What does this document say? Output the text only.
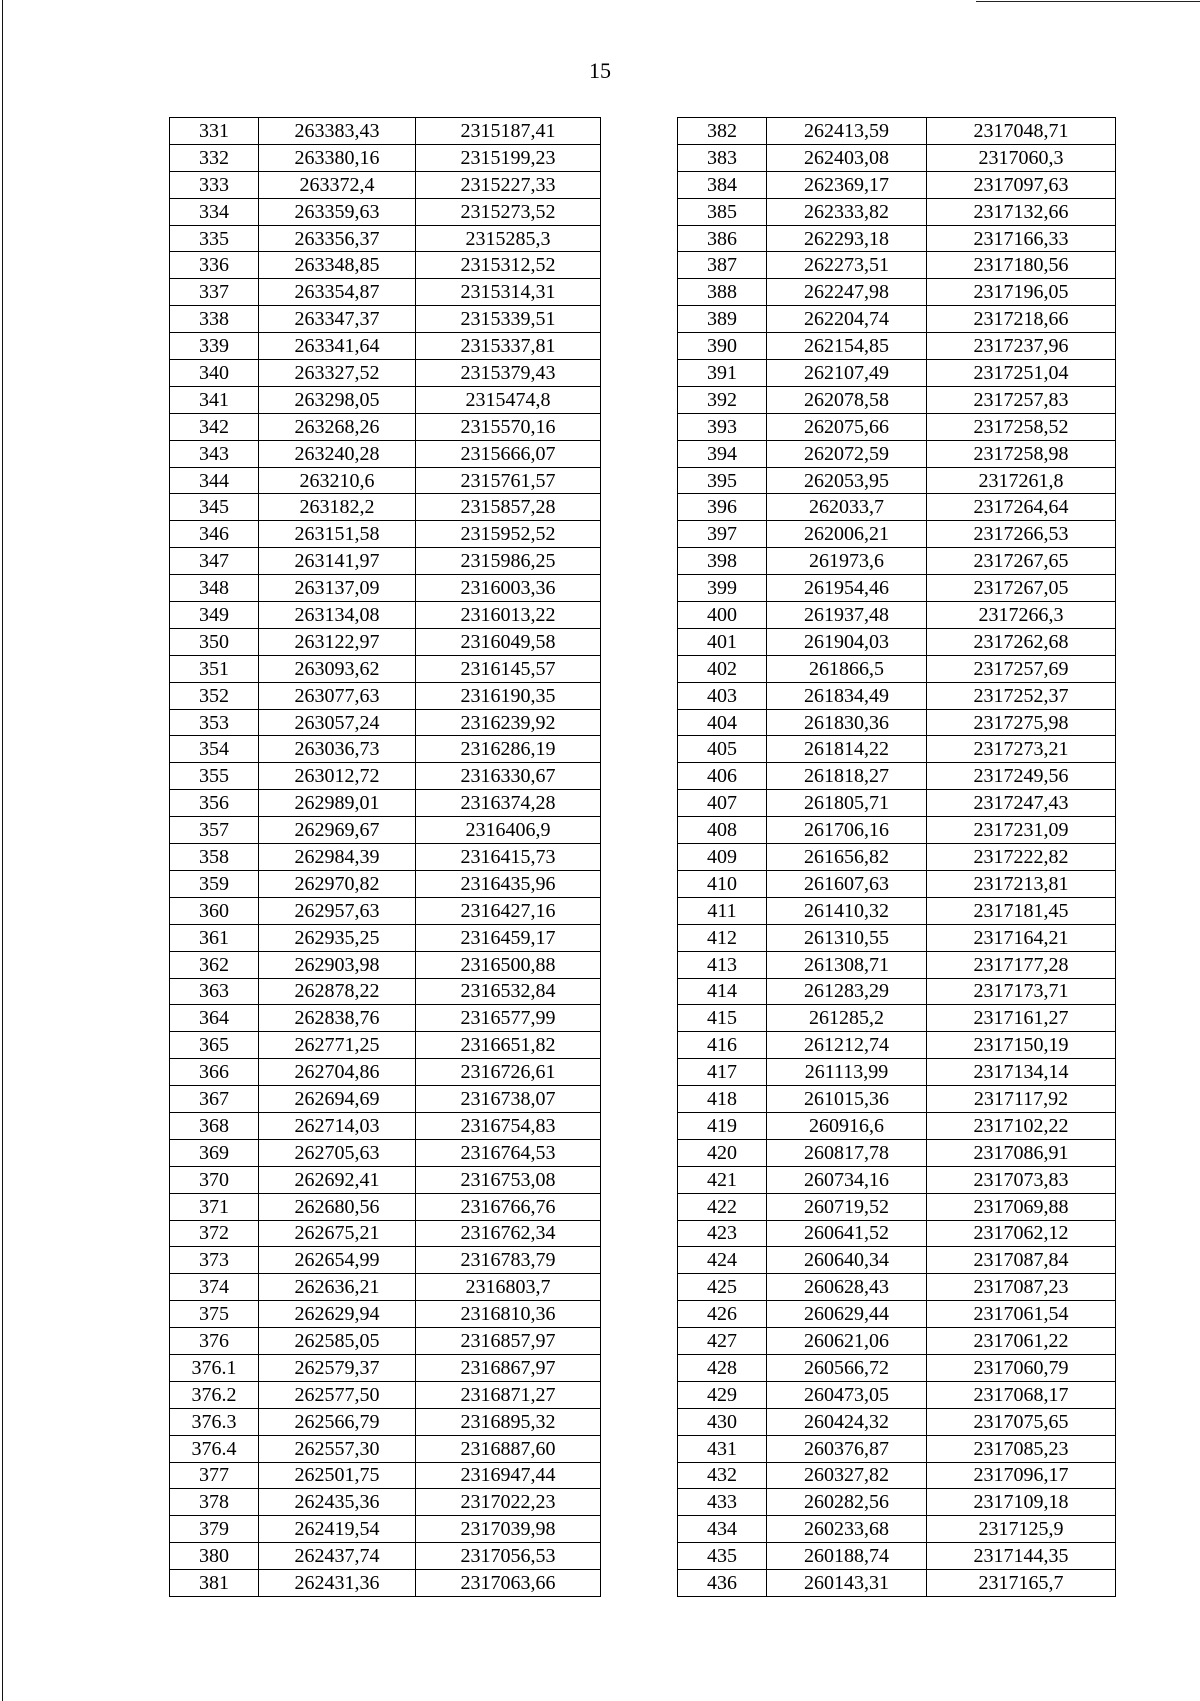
15
331	263383,43	2315187,41
332	263380,16	2315199,23
333	263372,4	2315227,33
334	263359,63	2315273,52
335	263356,37	2315285,3
336	263348,85	2315312,52
337	263354,87	2315314,31
338	263347,37	2315339,51
339	263341,64	2315337,81
340	263327,52	2315379,43
341	263298,05	2315474,8
342	263268,26	2315570,16
343	263240,28	2315666,07
344	263210,6	2315761,57
345	263182,2	2315857,28
346	263151,58	2315952,52
347	263141,97	2315986,25
348	263137,09	2316003,36
349	263134,08	2316013,22
350	263122,97	2316049,58
351	263093,62	2316145,57
352	263077,63	2316190,35
353	263057,24	2316239,92
354	263036,73	2316286,19
355	263012,72	2316330,67
356	262989,01	2316374,28
357	262969,67	2316406,9
358	262984,39	2316415,73
359	262970,82	2316435,96
360	262957,63	2316427,16
361	262935,25	2316459,17
362	262903,98	2316500,88
363	262878,22	2316532,84
364	262838,76	2316577,99
365	262771,25	2316651,82
366	262704,86	2316726,61
367	262694,69	2316738,07
368	262714,03	2316754,83
369	262705,63	2316764,53
370	262692,41	2316753,08
371	262680,56	2316766,76
372	262675,21	2316762,34
373	262654,99	2316783,79
374	262636,21	2316803,7
375	262629,94	2316810,36
376	262585,05	2316857,97
376.1	262579,37	2316867,97
376.2	262577,50	2316871,27
376.3	262566,79	2316895,32
376.4	262557,30	2316887,60
377	262501,75	2316947,44
378	262435,36	2317022,23
379	262419,54	2317039,98
380	262437,74	2317056,53
381	262431,36	2317063,66
382	262413,59	2317048,71
383	262403,08	2317060,3
384	262369,17	2317097,63
385	262333,82	2317132,66
386	262293,18	2317166,33
387	262273,51	2317180,56
388	262247,98	2317196,05
389	262204,74	2317218,66
390	262154,85	2317237,96
391	262107,49	2317251,04
392	262078,58	2317257,83
393	262075,66	2317258,52
394	262072,59	2317258,98
395	262053,95	2317261,8
396	262033,7	2317264,64
397	262006,21	2317266,53
398	261973,6	2317267,65
399	261954,46	2317267,05
400	261937,48	2317266,3
401	261904,03	2317262,68
402	261866,5	2317257,69
403	261834,49	2317252,37
404	261830,36	2317275,98
405	261814,22	2317273,21
406	261818,27	2317249,56
407	261805,71	2317247,43
408	261706,16	2317231,09
409	261656,82	2317222,82
410	261607,63	2317213,81
411	261410,32	2317181,45
412	261310,55	2317164,21
413	261308,71	2317177,28
414	261283,29	2317173,71
415	261285,2	2317161,27
416	261212,74	2317150,19
417	261113,99	2317134,14
418	261015,36	2317117,92
419	260916,6	2317102,22
420	260817,78	2317086,91
421	260734,16	2317073,83
422	260719,52	2317069,88
423	260641,52	2317062,12
424	260640,34	2317087,84
425	260628,43	2317087,23
426	260629,44	2317061,54
427	260621,06	2317061,22
428	260566,72	2317060,79
429	260473,05	2317068,17
430	260424,32	2317075,65
431	260376,87	2317085,23
432	260327,82	2317096,17
433	260282,56	2317109,18
434	260233,68	2317125,9
435	260188,74	2317144,35
436	260143,31	2317165,7
